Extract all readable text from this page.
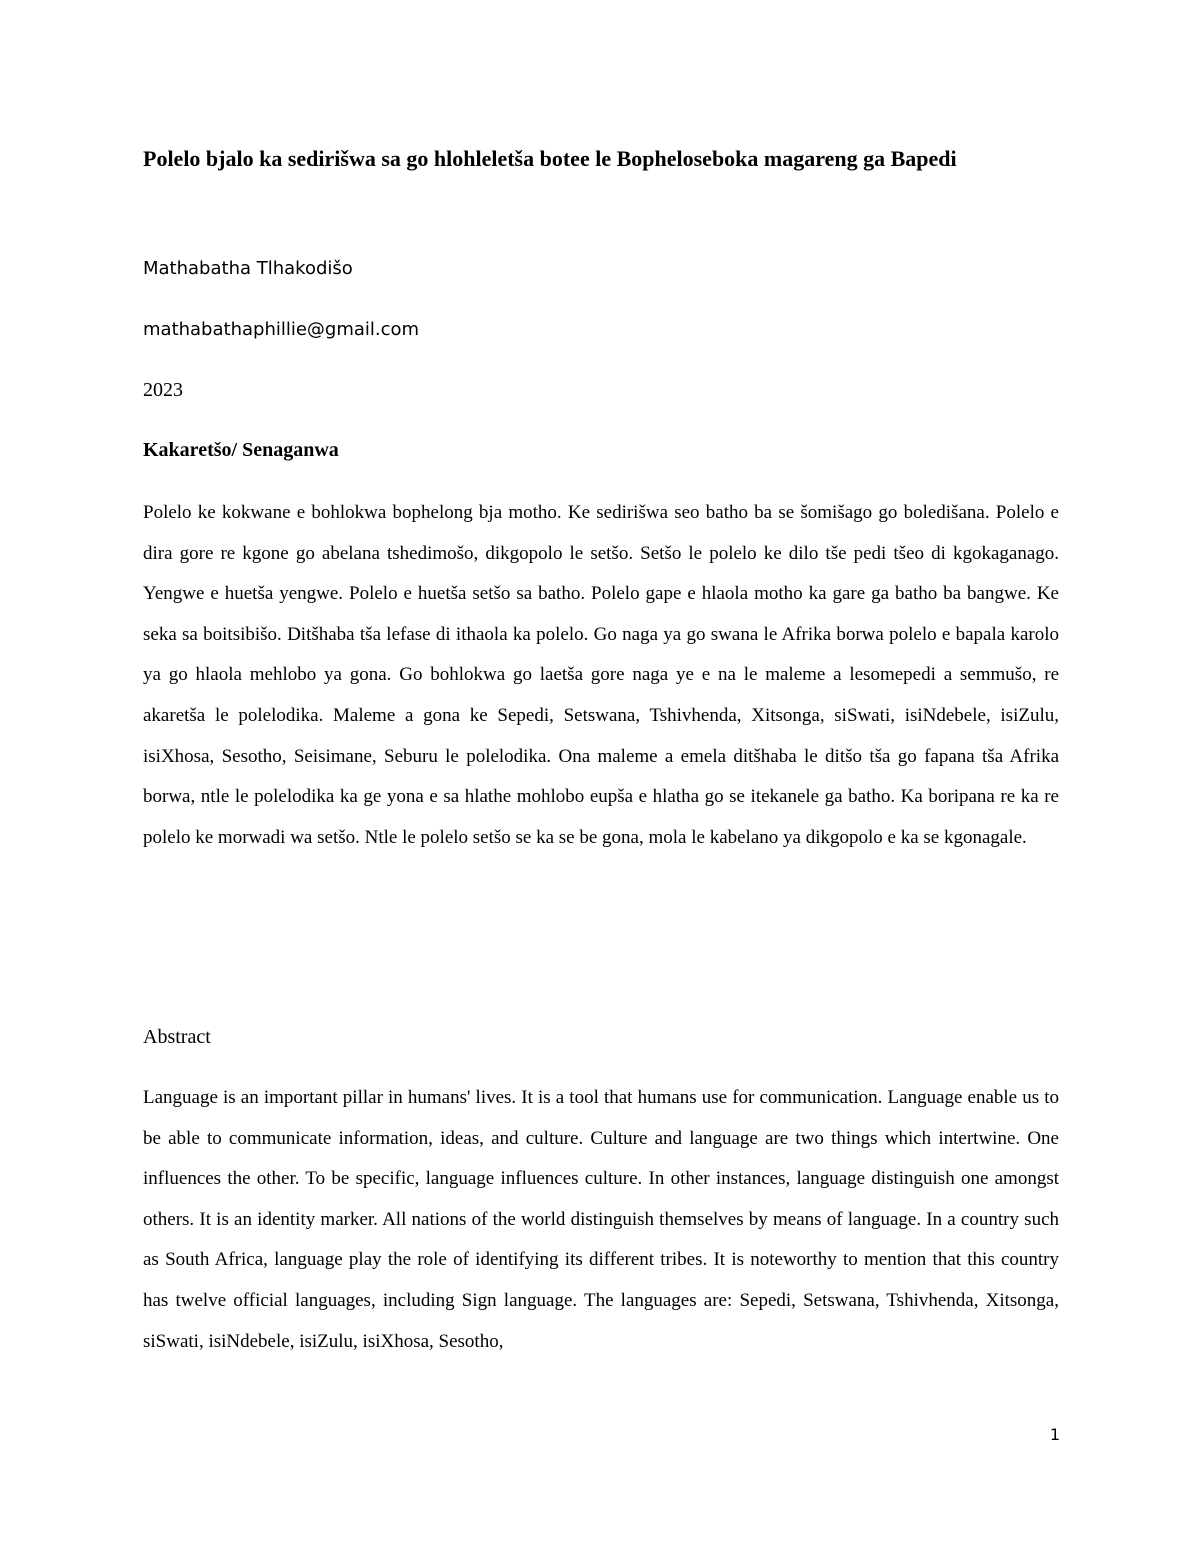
Polelo bjalo ka sedirišwa sa go hlohleletša botee le Bopheloseboka magareng ga Bapedi

Mathabatha Tlhakodišo

mathabathaphillie@gmail.com

2023

Kakaretšo/ Senaganwa

Polelo ke kokwane e bohlokwa bophelong bja motho. Ke sedirišwa seo batho ba se šomišago go boledišana. Polelo e dira gore re kgone go abelana tshedimošo, dikgopolo le setšo. Setšo le polelo ke dilo tše pedi tšeo di kgokaganago. Yengwe e huetša yengwe. Polelo e huetša setšo sa batho. Polelo gape e hlaola motho ka gare ga batho ba bangwe. Ke seka sa boitsibišo. Ditšhaba tša lefase di ithaola ka polelo. Go naga ya go swana le Afrika borwa polelo e bapala karolo ya go hlaola mehlobo ya gona. Go bohlokwa go laetša gore naga ye e na le maleme a lesomepedi a semmušo, re akaretša le polelodika. Maleme a gona ke Sepedi, Setswana, Tshivhenda, Xitsonga, siSwati, isiNdebele, isiZulu, isiXhosa, Sesotho, Seisimane, Seburu le polelodika. Ona maleme a emela ditšhaba le ditšo tša go fapana tša Afrika borwa, ntle le polelodika ka ge yona e sa hlathe mohlobo eupša e hlatha go se itekanele ga batho. Ka boripana re ka re polelo ke morwadi wa setšo. Ntle le polelo setšo se ka se be gona, mola le kabelano ya dikgopolo e ka se kgonagale.

Abstract

Language is an important pillar in humans' lives. It is a tool that humans use for communication. Language enable us to be able to communicate information, ideas, and culture. Culture and language are two things which intertwine. One influences the other. To be specific, language influences culture. In other instances, language distinguish one amongst others. It is an identity marker. All nations of the world distinguish themselves by means of language. In a country such as South Africa, language play the role of identifying its different tribes. It is noteworthy to mention that this country has twelve official languages, including Sign language. The languages are: Sepedi, Setswana, Tshivhenda, Xitsonga, siSwati, isiNdebele, isiZulu, isiXhosa, Sesotho,

1
